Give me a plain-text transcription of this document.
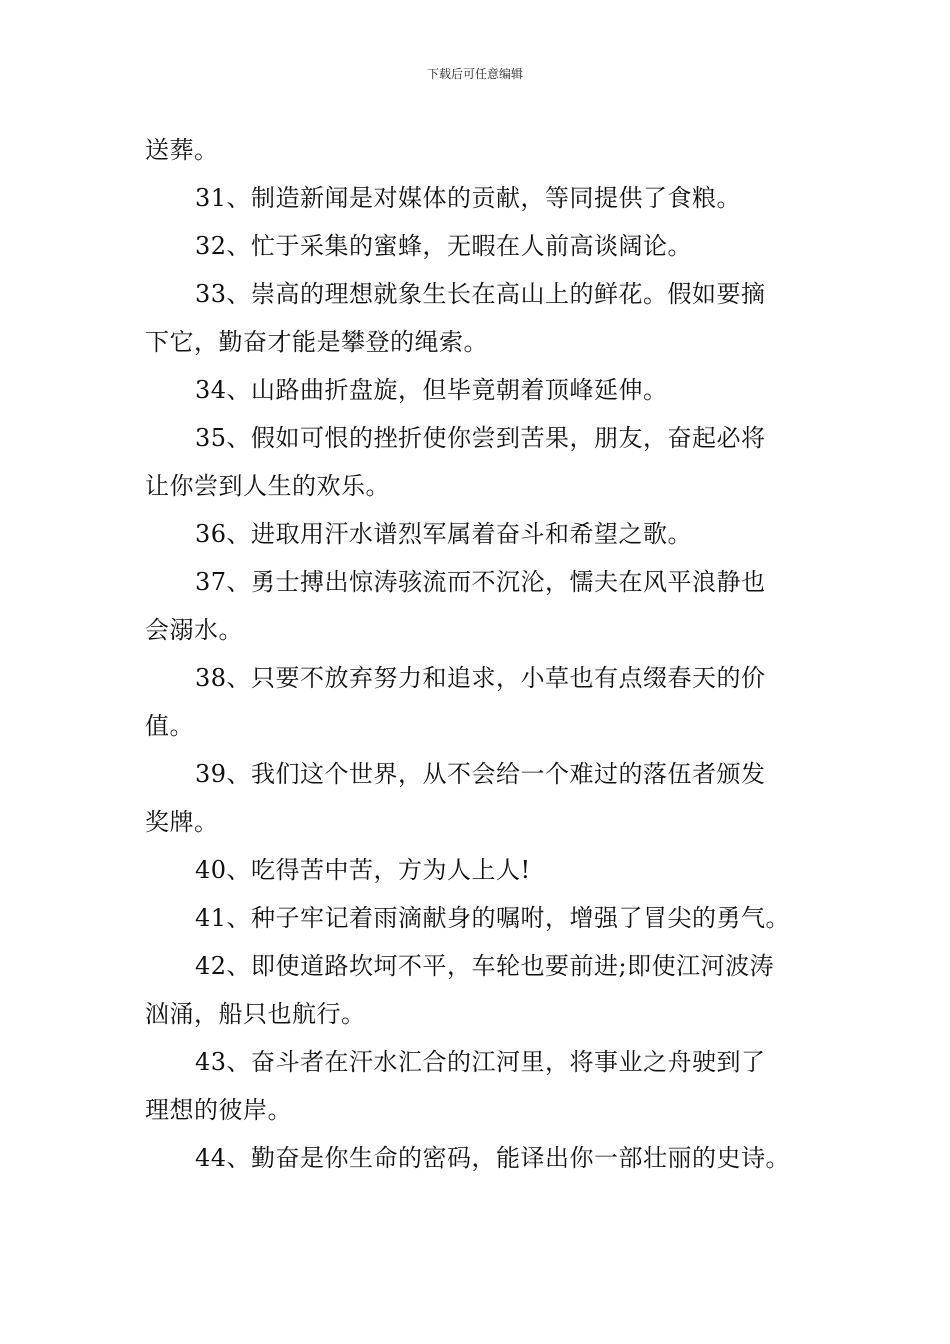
下载后可任意编辑

送葬。

31、制造新闻是对媒体的贡献，等同提供了食粮。

32、忙于采集的蜜蜂，无暇在人前高谈阔论。

33、崇高的理想就象生长在高山上的鲜花。假如要摘
下它，勤奋才能是攀登的绳索。

34、山路曲折盘旋，但毕竟朝着顶峰延伸。

35、假如可恨的挫折使你尝到苦果，朋友，奋起必将
让你尝到人生的欢乐。

36、进取用汗水谱烈军属着奋斗和希望之歌。

37、勇士搏出惊涛骇流而不沉沦，懦夫在风平浪静也
会溺水。

38、只要不放弃努力和追求，小草也有点缀春天的价
值。

39、我们这个世界，从不会给一个难过的落伍者颁发
奖牌。

40、吃得苦中苦，方为人上人!

41、种子牢记着雨滴献身的嘱咐，增强了冒尖的勇气。

42、即使道路坎坷不平，车轮也要前进;即使江河波涛
汹涌，船只也航行。

43、奋斗者在汗水汇合的江河里，将事业之舟驶到了
理想的彼岸。

44、勤奋是你生命的密码，能译出你一部壮丽的史诗。
